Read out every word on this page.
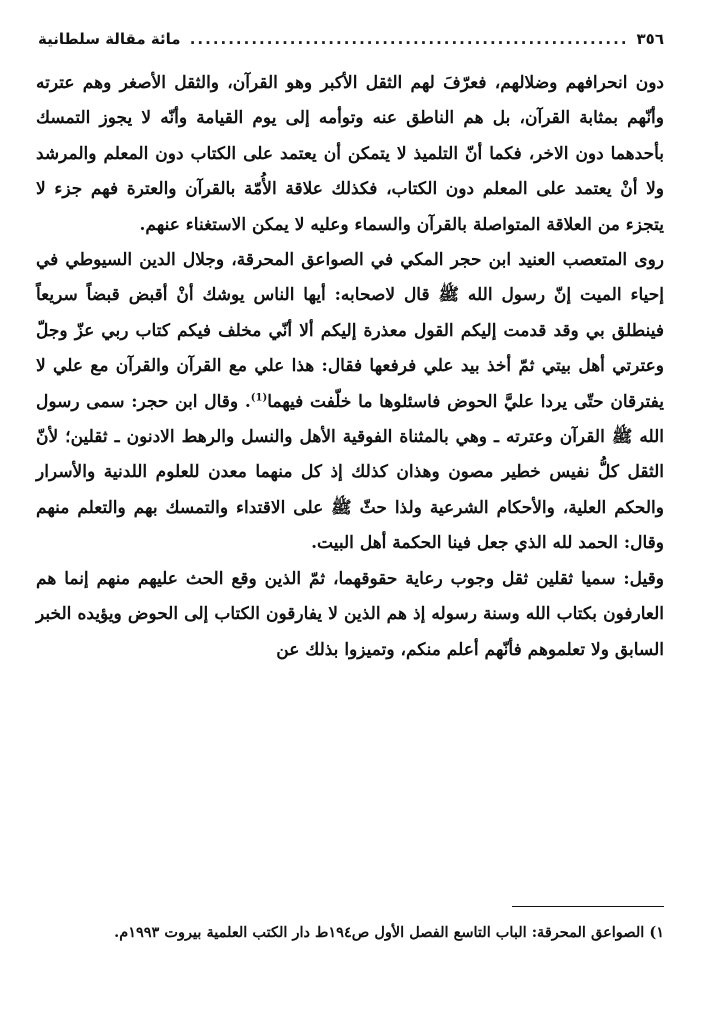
٣٥٦
.....
مائة مقالة سلطانية

دون انحرافهم وضلالهم، فعرّفَ لهم الثقل الأكبر وهو القرآن، والثقل الأصغر وهم عترته وأنّهم بمثابة القرآن، بل هم الناطق عنه وتوأمه إلى يوم القيامة وأنّه لا يجوز التمسك بأحدهما دون الاخر، فكما أنّ التلميذ لا يتمكن أن يعتمد على الكتاب دون المعلم والمرشد ولا أنْ يعتمد على المعلم دون الكتاب، فكذلك علاقة الأُمّة بالقرآن والعترة فهم جزء لا يتجزء من العلاقة المتواصلة بالقرآن والسماء وعليه لا يمكن الاستغناء عنهم.

روى المتعصب العنيد ابن حجر المكي في الصواعق المحرقة، وجلال الدين السيوطي في إحياء الميت إنّ رسول الله ﷺ قال لاصحابه: أيها الناس يوشك أنْ أقبض قبضاً سريعاً فينطلق بي وقد قدمت إليكم القول معذرة إليكم ألا أنّي مخلف فيكم كتاب ربي عزّ وجلّ وعترتي أهل بيتي ثمّ أخذ بيد علي فرفعها فقال: هذا علي مع القرآن والقرآن مع علي لا يفترقان حتّى يردا عليَّ الحوض فاسئلوها ما خلّفت فيهما$^{(1)}$. وقال ابن حجر: سمى رسول الله ﷺ القرآن وعترته ـ وهي بالمثناة الفوقية الأهل والنسل والرهط الادنون ـ ثقلين؛ لأنّ الثقل كلُّ نفيس خطير مصون وهذان كذلك إذ كل منهما معدن للعلوم اللدنية والأسرار والحكم العلية، والأحكام الشرعية ولذا حثّ ﷺ على الاقتداء والتمسك بهم والتعلم منهم وقال: الحمد لله الذي جعل فينا الحكمة أهل البيت.

وقيل: سميا ثقلين ثقل وجوب رعاية حقوقهما، ثمّ الذين وقع الحث عليهم منهم إنما هم العارفون بكتاب الله وسنة رسوله إذ هم الذين لا يفارقون الكتاب إلى الحوض ويؤيده الخبر السابق ولا تعلموهم فأنّهم أعلم منكم، وتميزوا بذلك عن

١) الصواعق المحرقة: الباب التاسع الفصل الأول ص١٩٤ط دار الكتب العلمية بيروت ١٩٩٣م.
